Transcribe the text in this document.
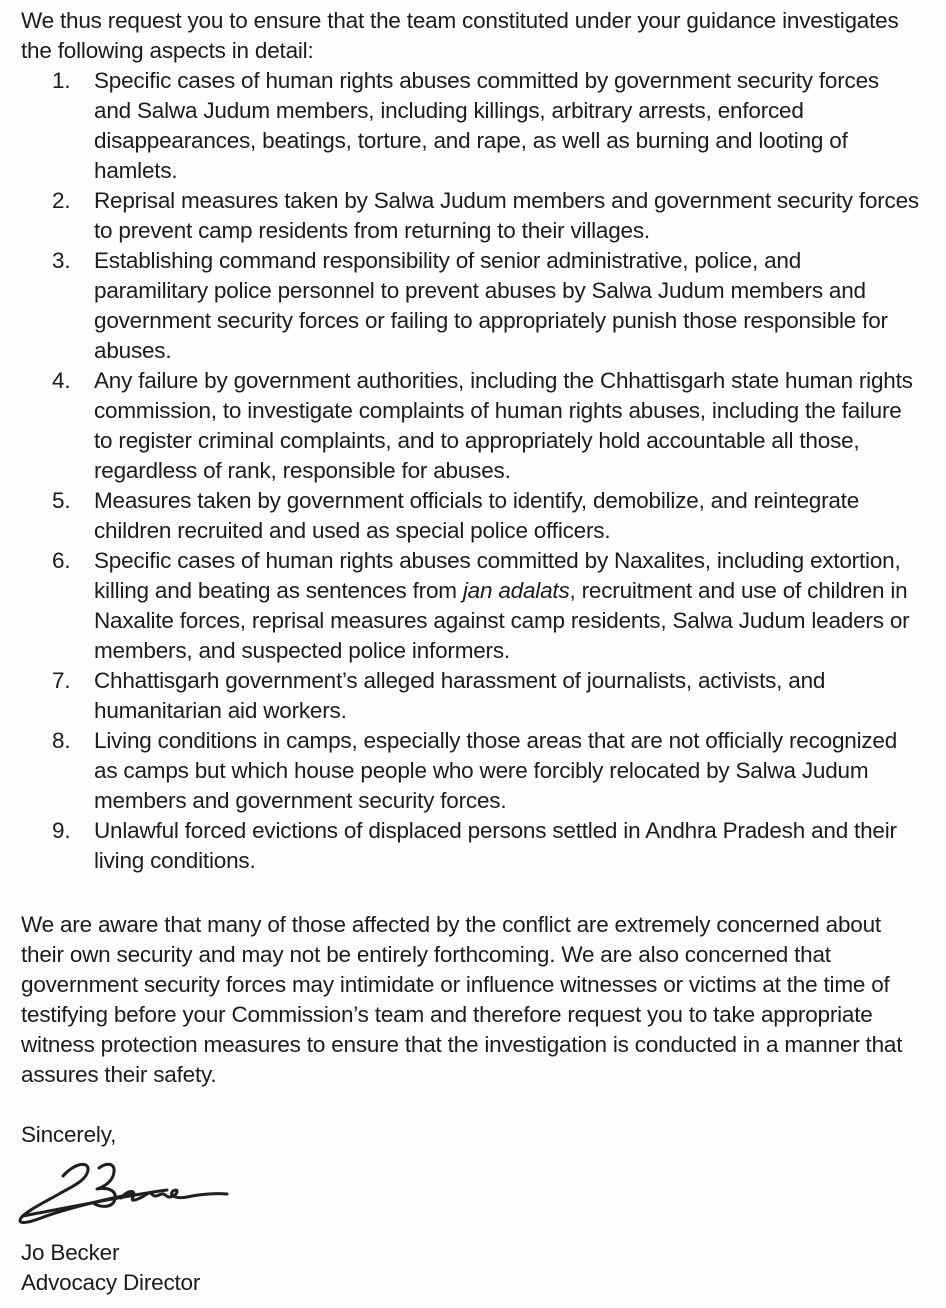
We thus request you to ensure that the team constituted under your guidance investigates the following aspects in detail:

1. Specific cases of human rights abuses committed by government security forces and Salwa Judum members, including killings, arbitrary arrests, enforced disappearances, beatings, torture, and rape, as well as burning and looting of hamlets.
2. Reprisal measures taken by Salwa Judum members and government security forces to prevent camp residents from returning to their villages.
3. Establishing command responsibility of senior administrative, police, and paramilitary police personnel to prevent abuses by Salwa Judum members and government security forces or failing to appropriately punish those responsible for abuses.
4. Any failure by government authorities, including the Chhattisgarh state human rights commission, to investigate complaints of human rights abuses, including the failure to register criminal complaints, and to appropriately hold accountable all those, regardless of rank, responsible for abuses.
5. Measures taken by government officials to identify, demobilize, and reintegrate children recruited and used as special police officers.
6. Specific cases of human rights abuses committed by Naxalites, including extortion, killing and beating as sentences from jan adalats, recruitment and use of children in Naxalite forces, reprisal measures against camp residents, Salwa Judum leaders or members, and suspected police informers.
7. Chhattisgarh government’s alleged harassment of journalists, activists, and humanitarian aid workers.
8. Living conditions in camps, especially those areas that are not officially recognized as camps but which house people who were forcibly relocated by Salwa Judum members and government security forces.
9. Unlawful forced evictions of displaced persons settled in Andhra Pradesh and their living conditions.

We are aware that many of those affected by the conflict are extremely concerned about their own security and may not be entirely forthcoming. We are also concerned that government security forces may intimidate or influence witnesses or victims at the time of testifying before your Commission’s team and therefore request you to take appropriate witness protection measures to ensure that the investigation is conducted in a manner that assures their safety.

Sincerely,

Jo Becker

Advocacy Director
